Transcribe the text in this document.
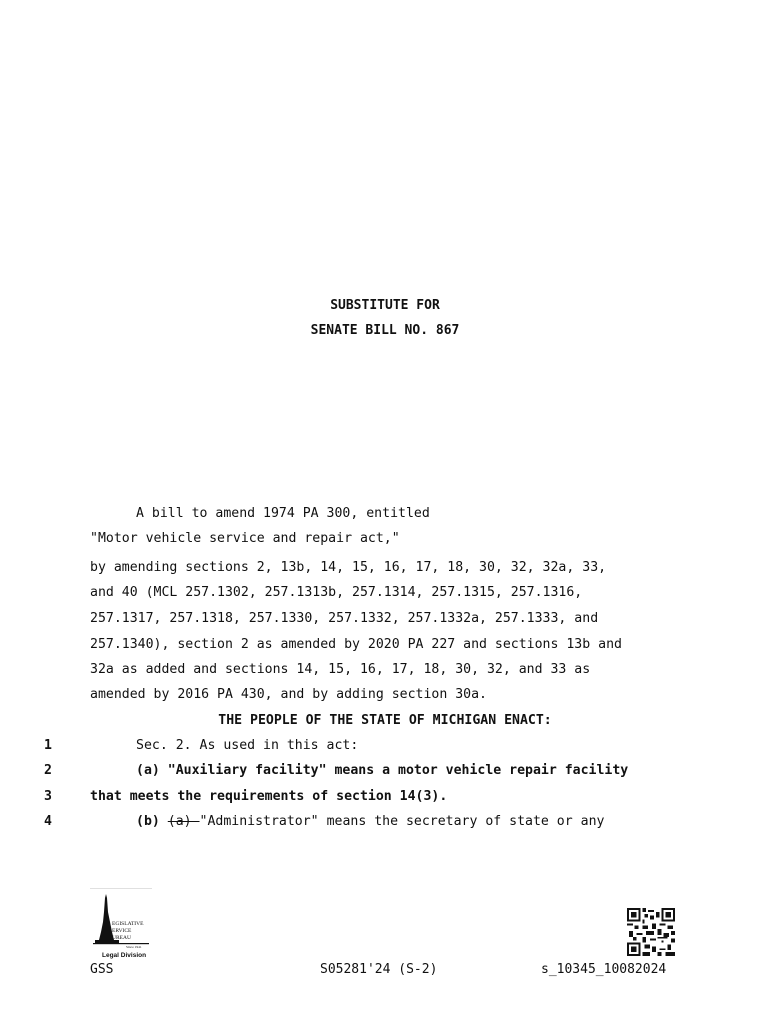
SUBSTITUTE FOR
SENATE BILL NO. 867
A bill to amend 1974 PA 300, entitled
"Motor vehicle service and repair act,"
by amending sections 2, 13b, 14, 15, 16, 17, 18, 30, 32, 32a, 33,
and 40 (MCL 257.1302, 257.1313b, 257.1314, 257.1315, 257.1316,
257.1317, 257.1318, 257.1330, 257.1332, 257.1332a, 257.1333, and
257.1340), section 2 as amended by 2020 PA 227 and sections 13b and
32a as added and sections 14, 15, 16, 17, 18, 30, 32, and 33 as
amended by 2016 PA 430, and by adding section 30a.
THE PEOPLE OF THE STATE OF MICHIGAN ENACT:
1	Sec. 2. As used in this act:
2	(a) "Auxiliary facility" means a motor vehicle repair facility
3	that meets the requirements of section 14(3).
4	(b) (a) "Administrator" means the secretary of state or any
EGISLATIVE
ERVICE
UREAU
Since 1941
Legal Division
GSS	S05281'24 (S-2)	s_10345_10082024
